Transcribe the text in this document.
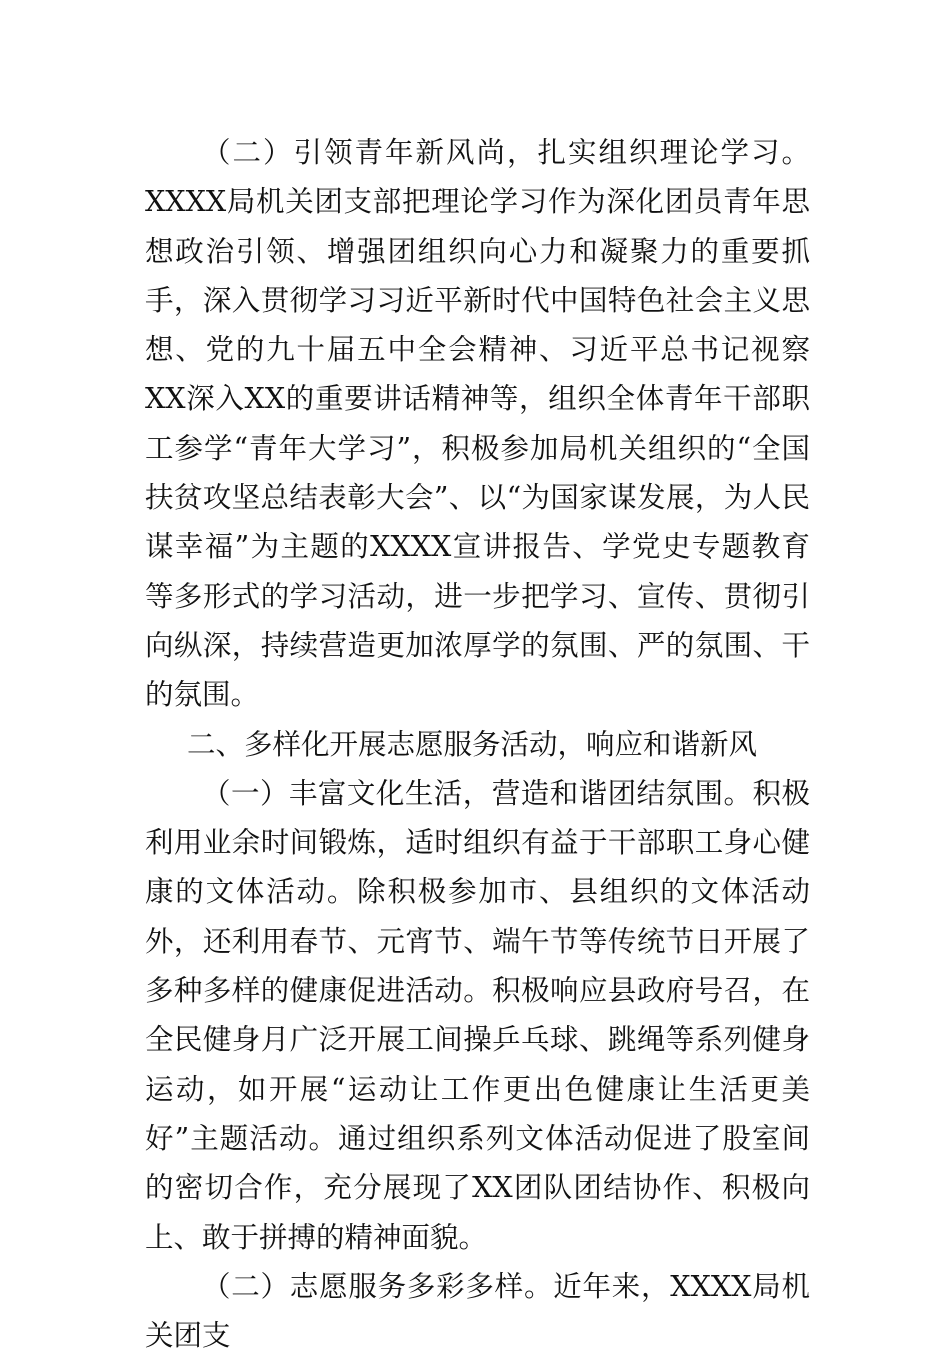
（二）引领青年新风尚，扎实组织理论学习。XXXX局机关团支部把理论学习作为深化团员青年思想政治引领、增强团组织向心力和凝聚力的重要抓手，深入贯彻学习习近平新时代中国特色社会主义思想、党的九十届五中全会精神、习近平总书记视察XX深入XX的重要讲话精神等，组织全体青年干部职工参学“青年大学习”，积极参加局机关组织的“全国扶贫攻坚总结表彰大会”、以“为国家谋发展，为人民谋幸福”为主题的XXXX宣讲报告、学党史专题教育等多形式的学习活动，进一步把学习、宣传、贯彻引向纵深，持续营造更加浓厚学的氛围、严的氛围、干的氛围。

二、多样化开展志愿服务活动，响应和谐新风

（一）丰富文化生活，营造和谐团结氛围。积极利用业余时间锻炼，适时组织有益于干部职工身心健康的文体活动。除积极参加市、县组织的文体活动外，还利用春节、元宵节、端午节等传统节日开展了多种多样的健康促进活动。积极响应县政府号召，在全民健身月广泛开展工间操乒乓球、跳绳等系列健身运动，如开展“运动让工作更出色健康让生活更美好”主题活动。通过组织系列文体活动促进了股室间的密切合作，充分展现了XX团队团结协作、积极向上、敢于拼搏的精神面貌。

（二）志愿服务多彩多样。近年来，XXXX局机关团支
